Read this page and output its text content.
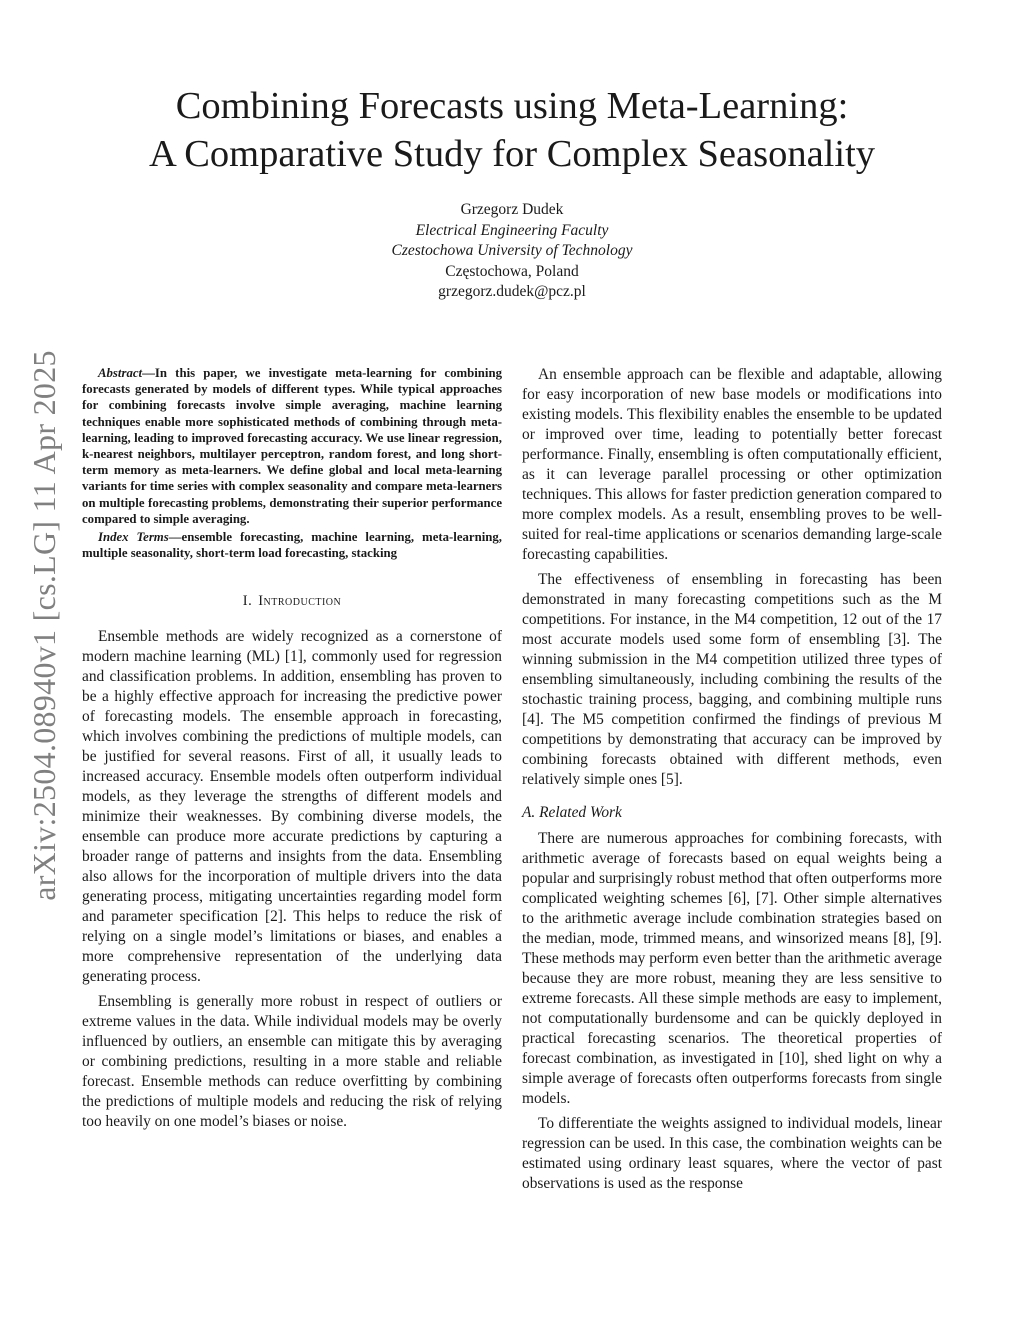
arXiv:2504.08940v1 [cs.LG] 11 Apr 2025
Combining Forecasts using Meta-Learning:
A Comparative Study for Complex Seasonality
Grzegorz Dudek
Electrical Engineering Faculty
Czestochowa University of Technology
Częstochowa, Poland
grzegorz.dudek@pcz.pl
Abstract—In this paper, we investigate meta-learning for combining forecasts generated by models of different types. While typical approaches for combining forecasts involve simple averaging, machine learning techniques enable more sophisticated methods of combining through meta-learning, leading to improved forecasting accuracy. We use linear regression, k-nearest neighbors, multilayer perceptron, random forest, and long short-term memory as meta-learners. We define global and local meta-learning variants for time series with complex seasonality and compare meta-learners on multiple forecasting problems, demonstrating their superior performance compared to simple averaging.
Index Terms—ensemble forecasting, machine learning, meta-learning, multiple seasonality, short-term load forecasting, stacking
I. Introduction

Ensemble methods are widely recognized as a cornerstone of modern machine learning (ML) [1], commonly used for regression and classification problems. In addition, ensembling has proven to be a highly effective approach for increasing the predictive power of forecasting models. The ensemble approach in forecasting, which involves combining the predictions of multiple models, can be justified for several reasons. First of all, it usually leads to increased accuracy. Ensemble models often outperform individual models, as they leverage the strengths of different models and minimize their weaknesses. By combining diverse models, the ensemble can produce more accurate predictions by capturing a broader range of patterns and insights from the data. Ensembling also allows for the incorporation of multiple drivers into the data generating process, mitigating uncertainties regarding model form and parameter specification [2]. This helps to reduce the risk of relying on a single model’s limitations or biases, and enables a more comprehensive representation of the underlying data generating process.

Ensembling is generally more robust in respect of outliers or extreme values in the data. While individual models may be overly influenced by outliers, an ensemble can mitigate this by averaging or combining predictions, resulting in a more stable and reliable forecast. Ensemble methods can reduce overfitting by combining the predictions of multiple models and reducing the risk of relying too heavily on one model’s biases or noise.

An ensemble approach can be flexible and adaptable, allowing for easy incorporation of new base models or modifications into existing models. This flexibility enables the ensemble to be updated or improved over time, leading to potentially better forecast performance. Finally, ensembling is often computationally efficient, as it can leverage parallel processing or other optimization techniques. This allows for faster prediction generation compared to more complex models. As a result, ensembling proves to be well-suited for real-time applications or scenarios demanding large-scale forecasting capabilities.

The effectiveness of ensembling in forecasting has been demonstrated in many forecasting competitions such as the M competitions. For instance, in the M4 competition, 12 out of the 17 most accurate models used some form of ensembling [3]. The winning submission in the M4 competition utilized three types of ensembling simultaneously, including combining the results of the stochastic training process, bagging, and combining multiple runs [4]. The M5 competition confirmed the findings of previous M competitions by demonstrating that accuracy can be improved by combining forecasts obtained with different methods, even relatively simple ones [5].

A. Related Work

There are numerous approaches for combining forecasts, with arithmetic average of forecasts based on equal weights being a popular and surprisingly robust method that often outperforms more complicated weighting schemes [6], [7]. Other simple alternatives to the arithmetic average include combination strategies based on the median, mode, trimmed means, and winsorized means [8], [9]. These methods may perform even better than the arithmetic average because they are more robust, meaning they are less sensitive to extreme forecasts. All these simple methods are easy to implement, not computationally burdensome and can be quickly deployed in practical forecasting scenarios. The theoretical properties of forecast combination, as investigated in [10], shed light on why a simple average of forecasts often outperforms forecasts from single models.

To differentiate the weights assigned to individual models, linear regression can be used. In this case, the combination weights can be estimated using ordinary least squares, where the vector of past observations is used as the response
